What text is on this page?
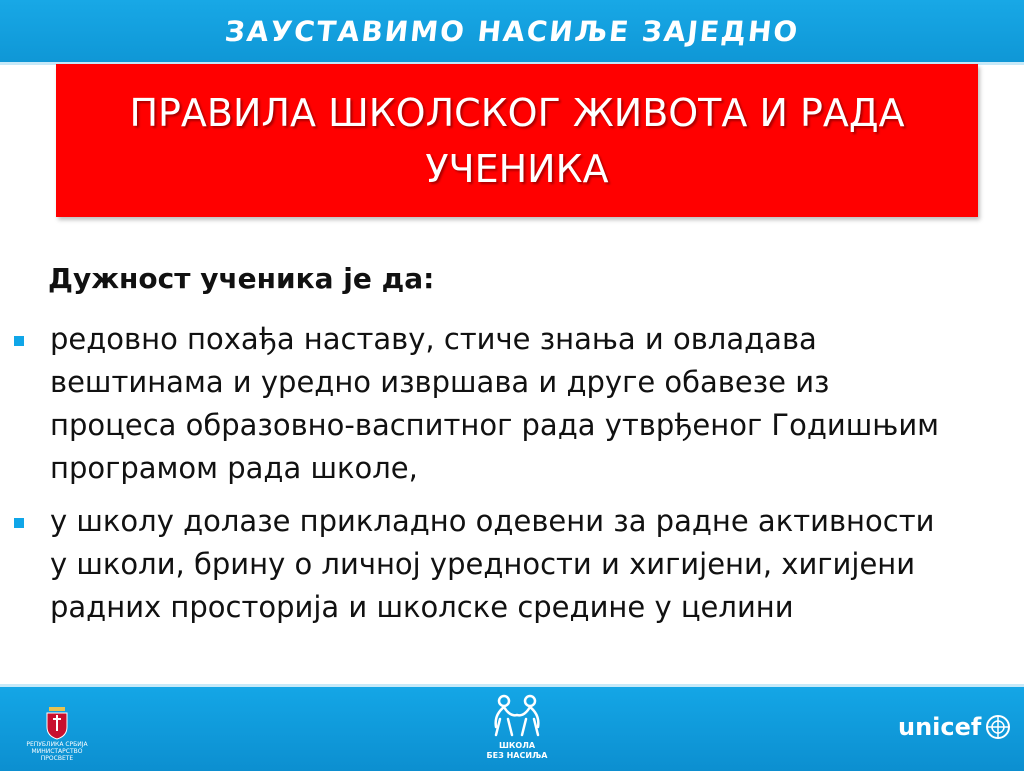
ЗАУСТАВИМО НАСИЉЕ ЗАЈЕДНО
ПРАВИЛА ШКОЛСКОГ ЖИВОТА И РАДА
УЧЕНИКА
Дужност ученика је да:
редовно похађа наставу, стиче знања и овладава вештинама и уредно извршава и друге обавезе из процеса образовно-васпитног рада утврђеног Годишњим програмом рада школе,
у школу долазе прикладно одевени за радне активности у школи, брину о личној уредности и хигијени, хигијени радних просторија и школске средине у целини
РЕПУБЛИКА СРБИЈА МИНИСТАРСТВО ПРОСВЕТЕ
ШКОЛА
БЕЗ НАСИЉА
unicef
